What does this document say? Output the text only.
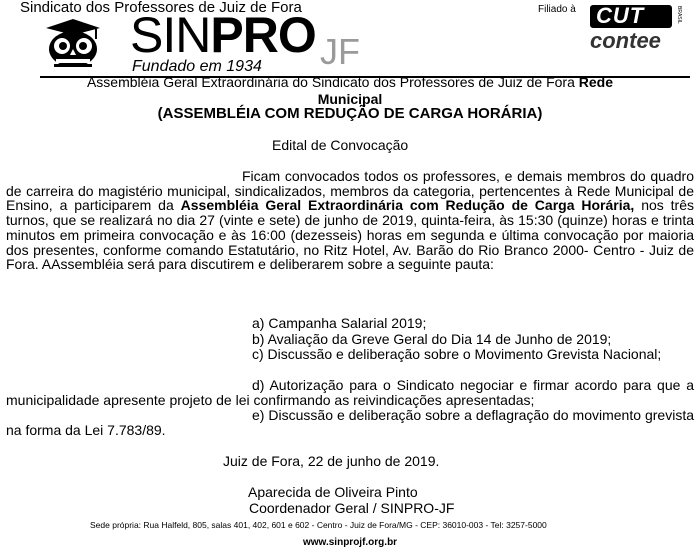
Sindicato dos Professores de Juiz de Fora
SINPRO JF
Fundado em 1934
Filiado à CUT	BRASIL
contee
Assembléia Geral Extraordinária do Sindicato dos Professores de Juiz de Fora Rede
Municipal
(ASSEMBLÉIA COM REDUÇÃO DE CARGA HORÁRIA)
Edital de Convocação
Ficam convocados todos os professores, e demais membros do quadro de carreira do magistério municipal, sindicalizados, membros da categoria, pertencentes à Rede Municipal de Ensino, a participarem da Assembléia Geral Extraordinária com Redução de Carga Horária, nos três turnos, que se realizará no dia 27 (vinte e sete) de junho de 2019, quinta-feira, às 15:30 (quinze) horas e trinta minutos em primeira convocação e às 16:00 (dezesseis) horas em segunda e última convocação por maioria dos presentes, conforme comando Estatutário, no Ritz Hotel, Av. Barão do Rio Branco 2000- Centro - Juiz de Fora. AAssembléia será para discutirem e deliberarem sobre a seguinte pauta:
a) Campanha Salarial 2019;
b) Avaliação da Greve Geral do Dia 14 de Junho de 2019;
c) Discussão e deliberação sobre o Movimento Grevista Nacional;
d) Autorização para o Sindicato negociar e firmar acordo para que a municipalidade apresente projeto de lei confirmando as reivindicações apresentadas;
e) Discussão e deliberação sobre a deflagração do movimento grevista na forma da Lei 7.783/89.
Juiz de Fora, 22 de junho de 2019.
Aparecida de Oliveira Pinto
Coordenador Geral / SINPRO-JF
Sede própria: Rua Halfeld, 805, salas 401, 402, 601 e 602 - Centro - Juiz de Fora/MG - CEP: 36010-003 - Tel: 3257-5000
www.sinprojf.org.br
